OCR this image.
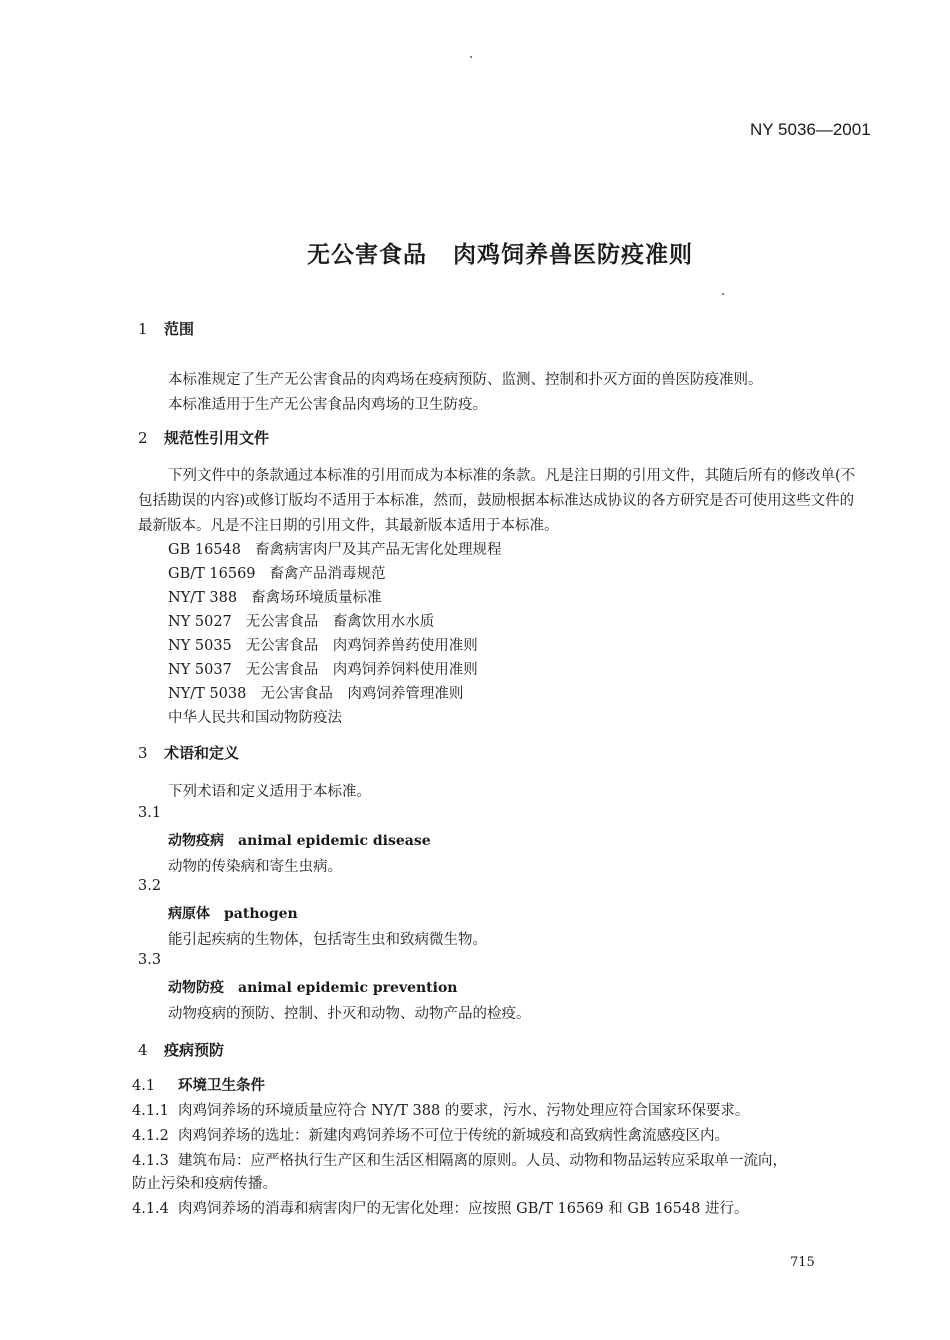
NY 5036—2001
无公害食品 肉鸡饲养兽医防疫准则
1 范围
本标准规定了生产无公害食品的肉鸡场在疫病预防、监测、控制和扑灭方面的兽医防疫准则。
本标准适用于生产无公害食品肉鸡场的卫生防疫。
2 规范性引用文件
下列文件中的条款通过本标准的引用而成为本标准的条款。凡是注日期的引用文件，其随后所有的修改单(不包括勘误的内容)或修订版均不适用于本标准，然而，鼓励根据本标准达成协议的各方研究是否可使用这些文件的最新版本。凡是不注日期的引用文件，其最新版本适用于本标准。
GB 16548 畜禽病害肉尸及其产品无害化处理规程
GB/T 16569 畜禽产品消毒规范
NY/T 388 畜禽场环境质量标准
NY 5027 无公害食品　畜禽饮用水水质
NY 5035 无公害食品　肉鸡饲养兽药使用准则
NY 5037 无公害食品　肉鸡饲养饲料使用准则
NY/T 5038 无公害食品　肉鸡饲养管理准则
中华人民共和国动物防疫法
3 术语和定义
下列术语和定义适用于本标准。
3.1
动物疫病 animal epidemic disease
动物的传染病和寄生虫病。
3.2
病原体 pathogen
能引起疾病的生物体，包括寄生虫和致病微生物。
3.3
动物防疫 animal epidemic prevention
动物疫病的预防、控制、扑灭和动物、动物产品的检疫。
4 疫病预防
4.1 环境卫生条件
4.1.1 肉鸡饲养场的环境质量应符合 NY/T 388 的要求，污水、污物处理应符合国家环保要求。
4.1.2 肉鸡饲养场的选址：新建肉鸡饲养场不可位于传统的新城疫和高致病性禽流感疫区内。
4.1.3 建筑布局：应严格执行生产区和生活区相隔离的原则。人员、动物和物品运转应采取单一流向，
防止污染和疫病传播。
4.1.4 肉鸡饲养场的消毒和病害肉尸的无害化处理：应按照 GB/T 16569 和 GB 16548 进行。
715
